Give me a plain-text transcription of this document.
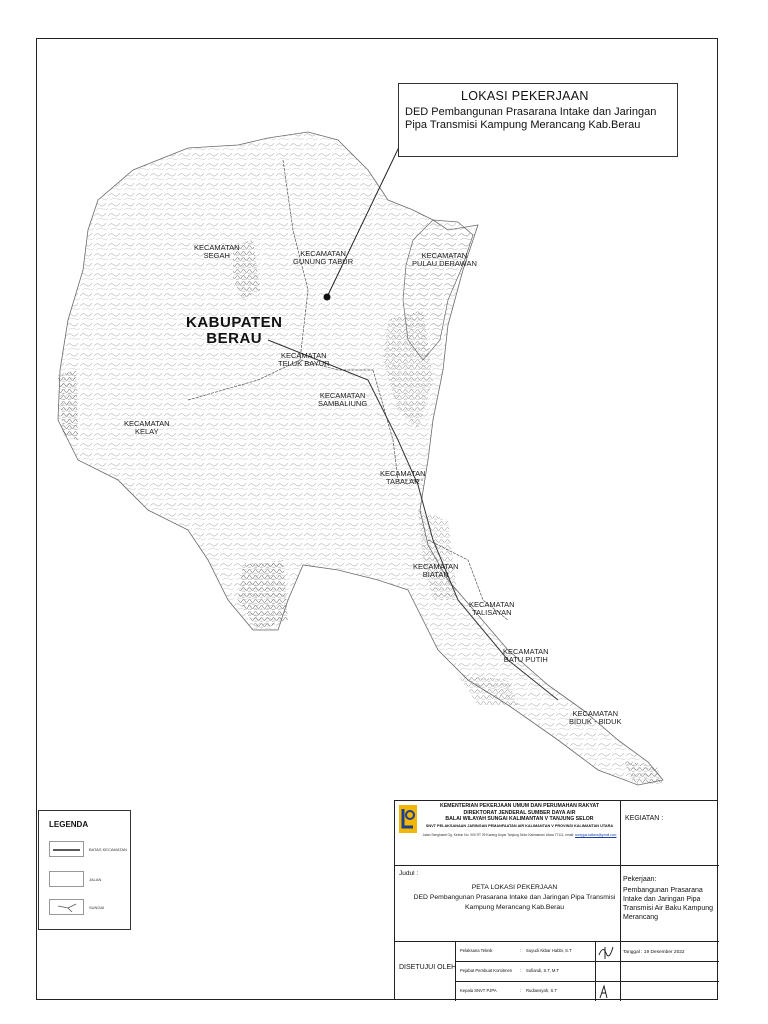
KECAMATAN
SEGAH	KECAMATAN
GUNUNG TABUR
KECAMATAN
PULAU DERAWAN
KABUPATEN
BERAU
KECAMATAN
TELUK BAYUR
KECAMATAN
SAMBALIUNG
KECAMATAN
KELAY
KECAMATAN
TABALAR
KECAMATAN
BIATAN
KECAMATAN
TALISAYAN
KECAMATAN
BATU PUTIH
KECAMATAN
BIDUK - BIDUK
LOKASI PEKERJAAN
DED Pembangunan Prasarana Intake dan Jaringan Pipa Transmisi Kampung Merancang Kab.Berau
LEGENDA
BATAS KECAMATAN
JALAN
SUNGAI
KEMENTERIAN PEKERJAAN UMUM DAN PERUMAHAN RAKYAT
DIREKTORAT JENDERAL SUMBER DAYA AIR
BALAI WILAYAH SUNGAI KALIMANTAN V TANJUNG SELOR
SNVT PELAKSANAAN JARINGAN PEMANFAATAN AIR KALIMANTAN V PROVINSI KALIMANTAN UTARA
Jalan Sengkawit Gg. Kebun No. 000 RT 09 Karang Anyar Tanjung Selor Kalimantan Utara 77111, email: snvtpjpa.kaltara@gmail.com
KEGIATAN :
Judul :
PETA LOKASI PEKERJAAN
DED Pembangunan Prasarana Intake dan Jaringan Pipa Transmisi
Kampung Merancang Kab.Berau
Pekerjaan:
Pembangunan Prasarana Intake dan Jaringan Pipa Transmisi Air Baku Kampung Merancang
DISETUJUI OLEH
Pelaksana Teknik	: Suyudi Akbar Habbi, S.T
Pejabat Pembuat Komitmen : Sufiandi, S.T, M.T
Kepala SNVT PJPA	: Rudiansyah, S.T
Tanggal : 19 Desember 2022
